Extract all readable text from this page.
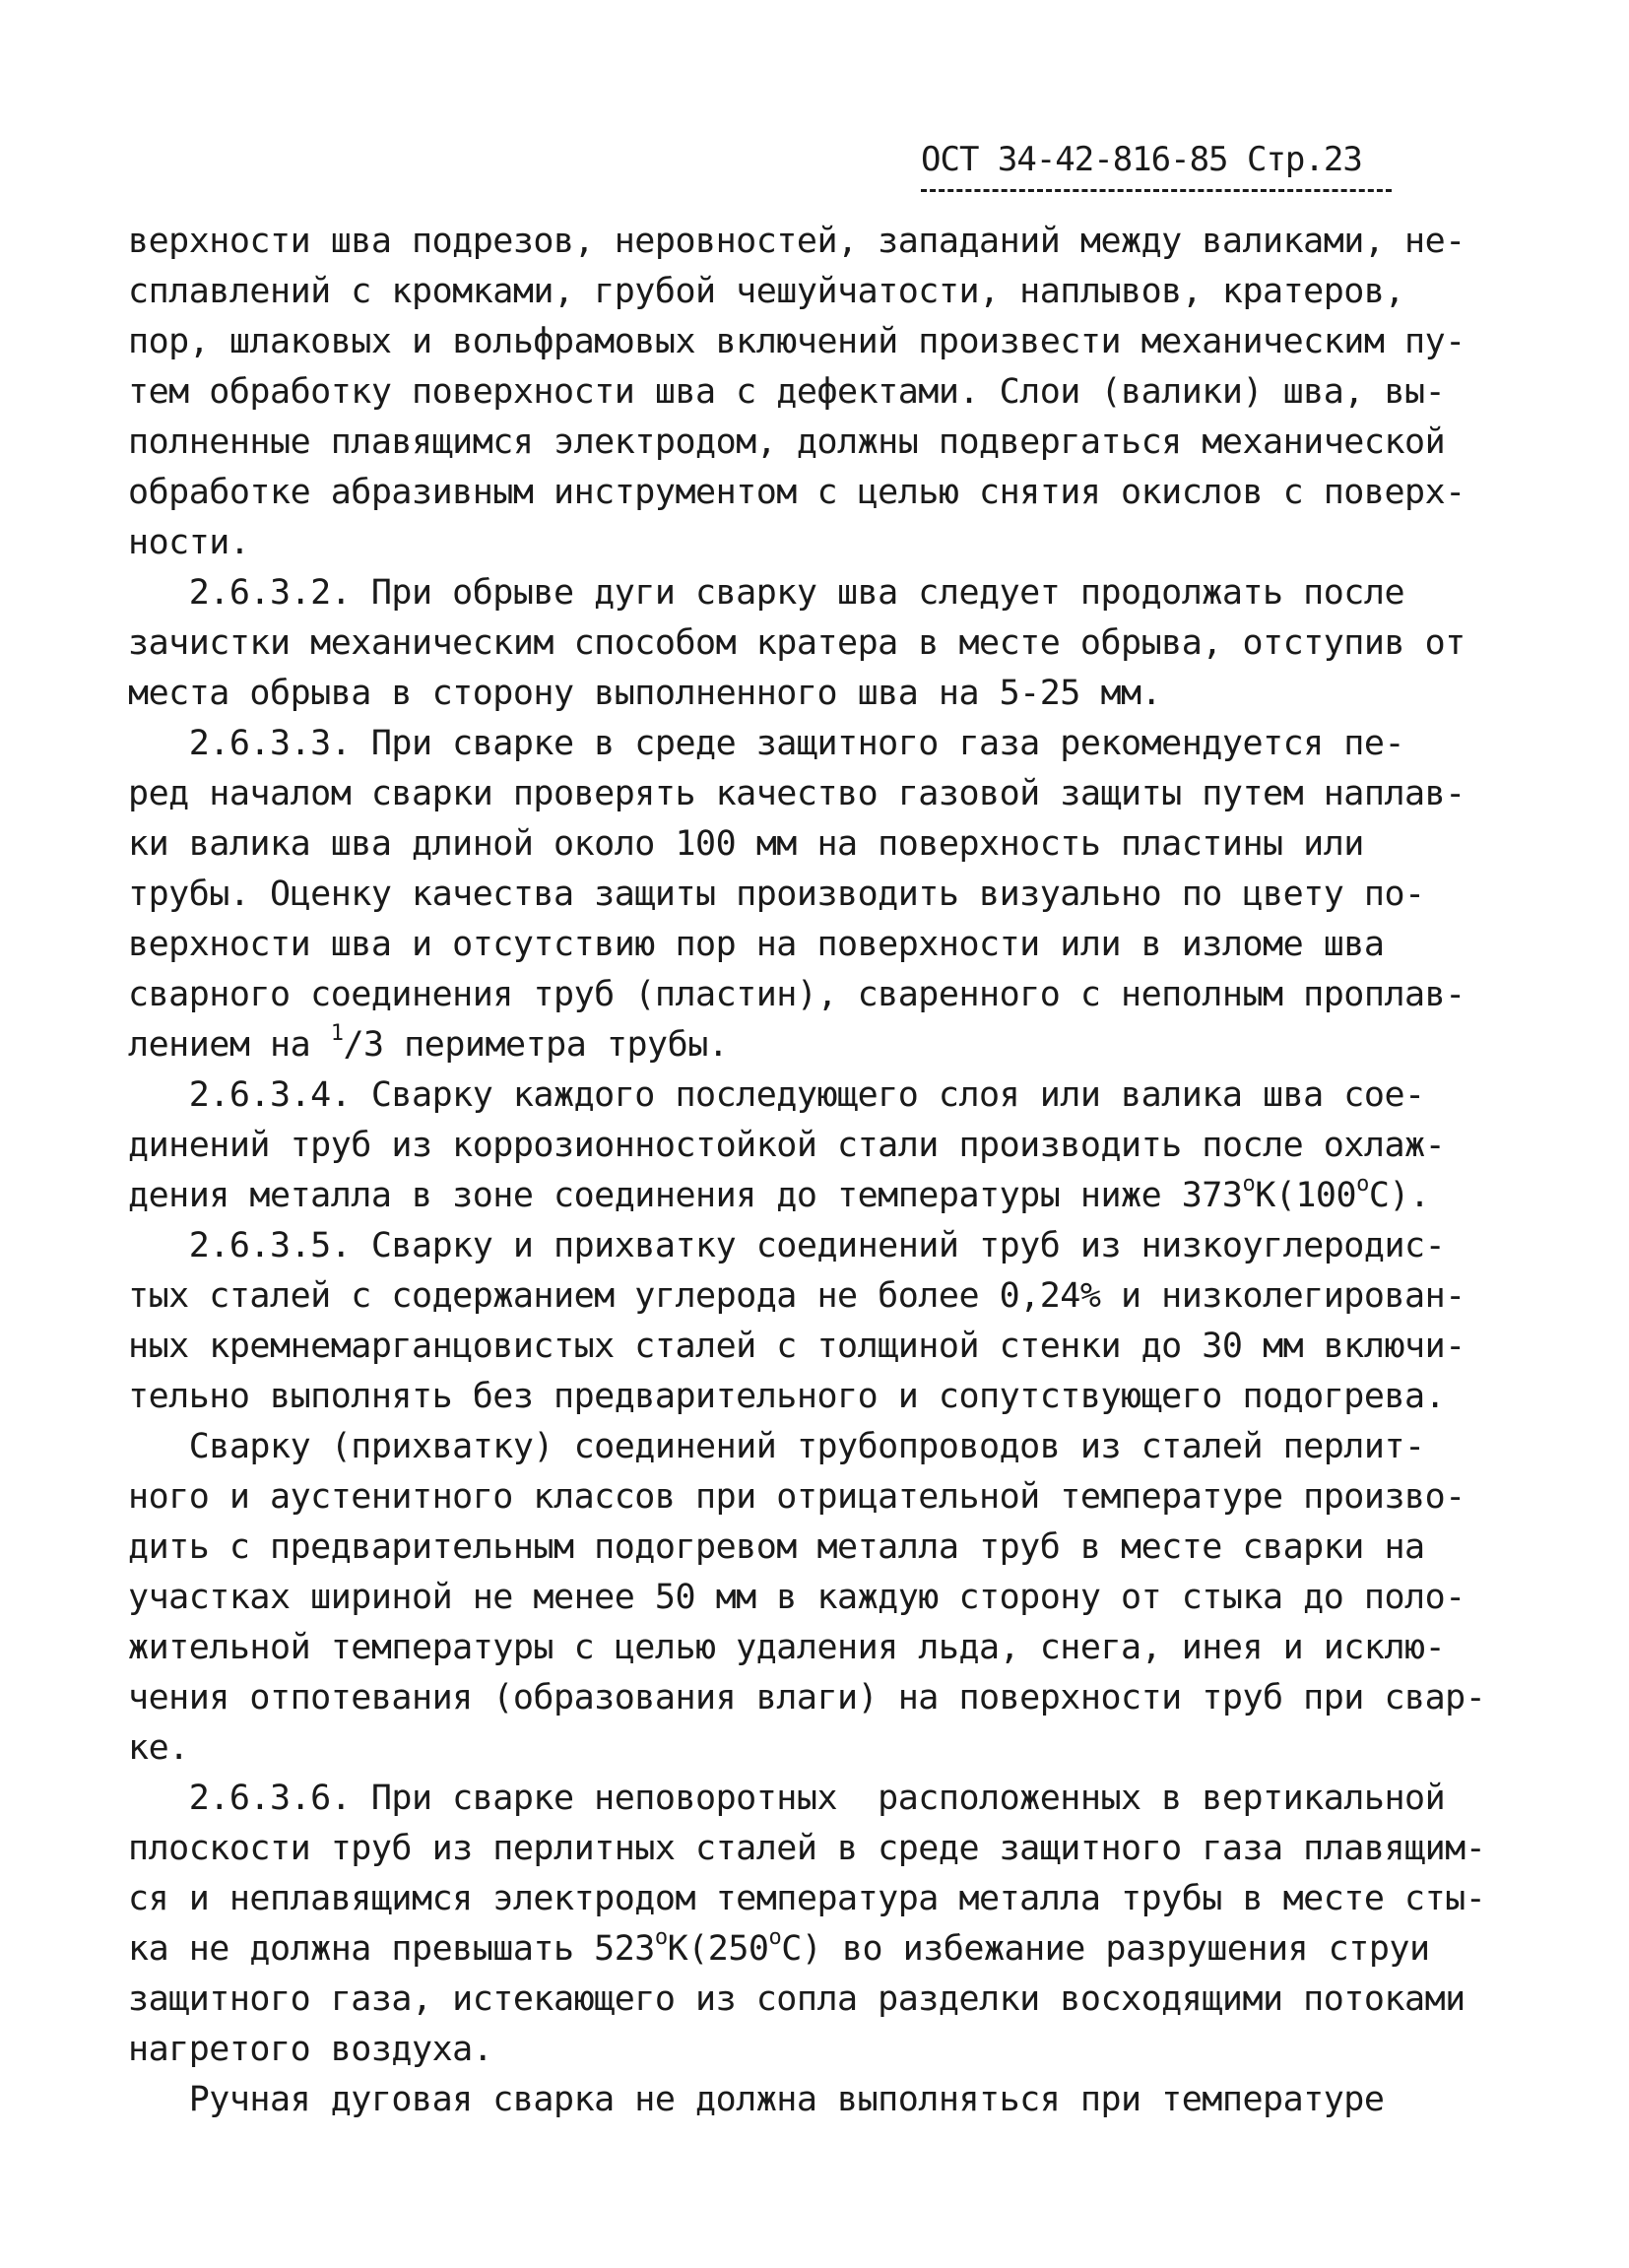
ОСТ 34-42-816-85 Стр.23
верхности шва подрезов, неровностей, западаний между валиками, не-
сплавлений с кромками, грубой чешуйчатости, наплывов, кратеров,
пор, шлаковых и вольфрамовых включений произвести механическим пу-
тем обработку поверхности шва с дефектами. Слои (валики) шва, вы-
полненные плавящимся электродом, должны подвергаться механической
обработке абразивным инструментом с целью снятия окислов с поверх-
ности.
2.6.3.2. При обрыве дуги сварку шва следует продолжать после
зачистки механическим способом кратера в месте обрыва, отступив от
места обрыва в сторону выполненного шва на 5-25 мм.
2.6.3.3. При сварке в среде защитного газа рекомендуется пе-
ред началом сварки проверять качество газовой защиты путем наплав-
ки валика шва длиной около 100 мм на поверхность пластины или
трубы. Оценку качества защиты производить визуально по цвету по-
верхности шва и отсутствию пор на поверхности или в изломе шва
сварного соединения труб (пластин), сваренного с неполным проплав-
лением на $^1$/3 периметра трубы.
2.6.3.4. Сварку каждого последующего слоя или валика шва сое-
динений труб из коррозионностойкой стали производить после охлаж-
дения металла в зоне соединения до температуры ниже $373^оК(100^оС)$.
2.6.3.5. Сварку и прихватку соединений труб из низкоуглеродис-
тых сталей с содержанием углерода не более 0,24% и низколегирован-
ных кремнемарганцовистых сталей с толщиной стенки до 30 мм включи-
тельно выполнять без предварительного и сопутствующего подогрева.
Сварку (прихватку) соединений трубопроводов из сталей перлит-
ного и аустенитного классов при отрицательной температуре произво-
дить с предварительным подогревом металла труб в месте сварки на
участках шириной не менее 50 мм в каждую сторону от стыка до поло-
жительной температуры с целью удаления льда, снега, инея и исклю-
чения отпотевания (образования влаги) на поверхности труб при свар-
ке.
2.6.3.6. При сварке неповоротных  расположенных в вертикальной
плоскости труб из перлитных сталей в среде защитного газа плавящим-
ся и неплавящимся электродом температура металла трубы в месте сты-
ка не должна превышать $523^оК(250^оС)$ во избежание разрушения струи
защитного газа, истекающего из сопла разделки восходящими потоками
нагретого воздуха.
Ручная дуговая сварка не должна выполняться при температуре
